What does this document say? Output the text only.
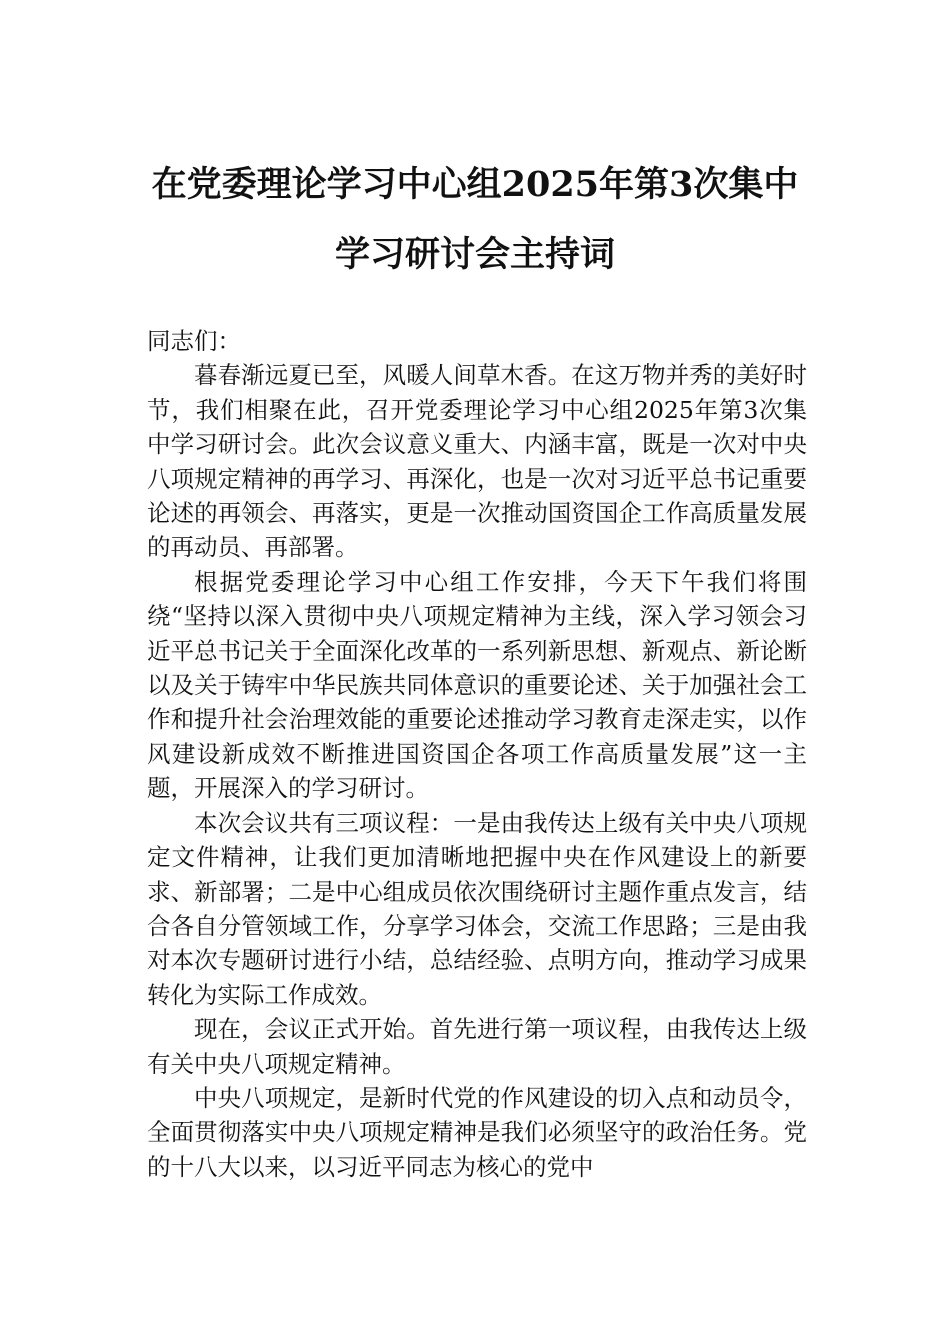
在党委理论学习中心组2025年第3次集中
学习研讨会主持词

同志们：

暮春渐远夏已至，风暖人间草木香。在这万物并秀的美好时节，我们相聚在此，召开党委理论学习中心组2025年第3次集中学习研讨会。此次会议意义重大、内涵丰富，既是一次对中央八项规定精神的再学习、再深化，也是一次对习近平总书记重要论述的再领会、再落实，更是一次推动国资国企工作高质量发展的再动员、再部署。

根据党委理论学习中心组工作安排，今天下午我们将围绕“坚持以深入贯彻中央八项规定精神为主线，深入学习领会习近平总书记关于全面深化改革的一系列新思想、新观点、新论断以及关于铸牢中华民族共同体意识的重要论述、关于加强社会工作和提升社会治理效能的重要论述推动学习教育走深走实，以作风建设新成效不断推进国资国企各项工作高质量发展”这一主题，开展深入的学习研讨。

本次会议共有三项议程：一是由我传达上级有关中央八项规定文件精神，让我们更加清晰地把握中央在作风建设上的新要求、新部署；二是中心组成员依次围绕研讨主题作重点发言，结合各自分管领域工作，分享学习体会，交流工作思路；三是由我对本次专题研讨进行小结，总结经验、点明方向，推动学习成果转化为实际工作成效。

现在，会议正式开始。首先进行第一项议程，由我传达上级有关中央八项规定精神。

中央八项规定，是新时代党的作风建设的切入点和动员令，全面贯彻落实中央八项规定精神是我们必须坚守的政治任务。党的十八大以来，以习近平同志为核心的党中
